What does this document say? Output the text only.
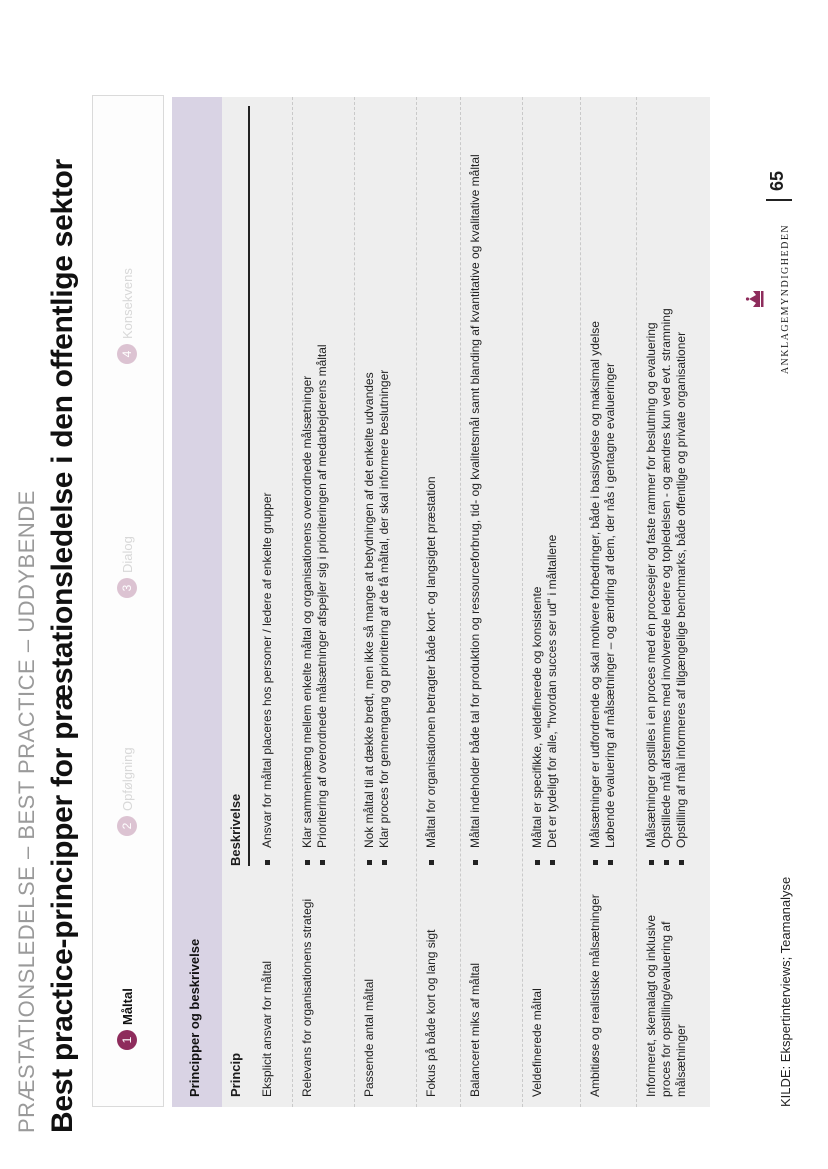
PRÆSTATIONSLEDELSE – BEST PRACTICE – UDDYBENDE Best practice-principper for præstationsledelse i den offentlige sektor	1
Måltal
2
Opfølgning
3
Dialog
4
Konsekvens
Principper og beskrivelse Princip
Beskrivelse
Eksplicit ansvar for måltal
Ansvar for måltal placeres hos personer / ledere af enkelte grupper
Relevans for organisationens strategi
Klar sammenhæng mellem enkelte måltal og organisationens overordnede målsætninger Prioritering af overordnede målsætninger afspejler sig i prioriteringen af medarbejderens måltal
Passende antal måltal
Nok måltal til at dække bredt, men ikke så mange at betydningen af det enkelte udvandes Klar proces for gennemgang og prioritering af de få måltal, der skal informere beslutninger
Fokus på både kort og lang sigt
Måltal for organisationen betragter både kort- og langsigtet præstation
Balanceret miks af måltal
Måltal indeholder både tal for produktion og ressourceforbrug, tid- og kvalitetsmål samt blanding af kvantitative og kvalitative måltal
Veldefinerede måltal
Måltal er specifikke, veldefinerede og konsistente Det er tydeligt for alle, "hvordan succes ser ud" i måltallene
Ambitiøse og realistiske målsætninger
Målsætninger er udfordrende og skal motivere forbedringer, både i basisydelse og maksimal ydelse Løbende evaluering af målsætninger – og ændring af dem, der nås i gentagne evalueringer
Informeret, skemalagt og inklusive proces for opstilling/evaluering af målsætninger
Målsætninger opstilles i en proces med én procesejer og faste rammer for beslutning og evaluering Opstillede mål afstemmes med involverede ledere og topledelsen - og ændres kun ved evt. stramning Opstilling af mål informeres af tilgængelige benchmarks, både offentlige og private organisationer
KILDE: Ekspertinterviews; Teamanalyse
ANKLAGEMYNDIGHEDEN
65
